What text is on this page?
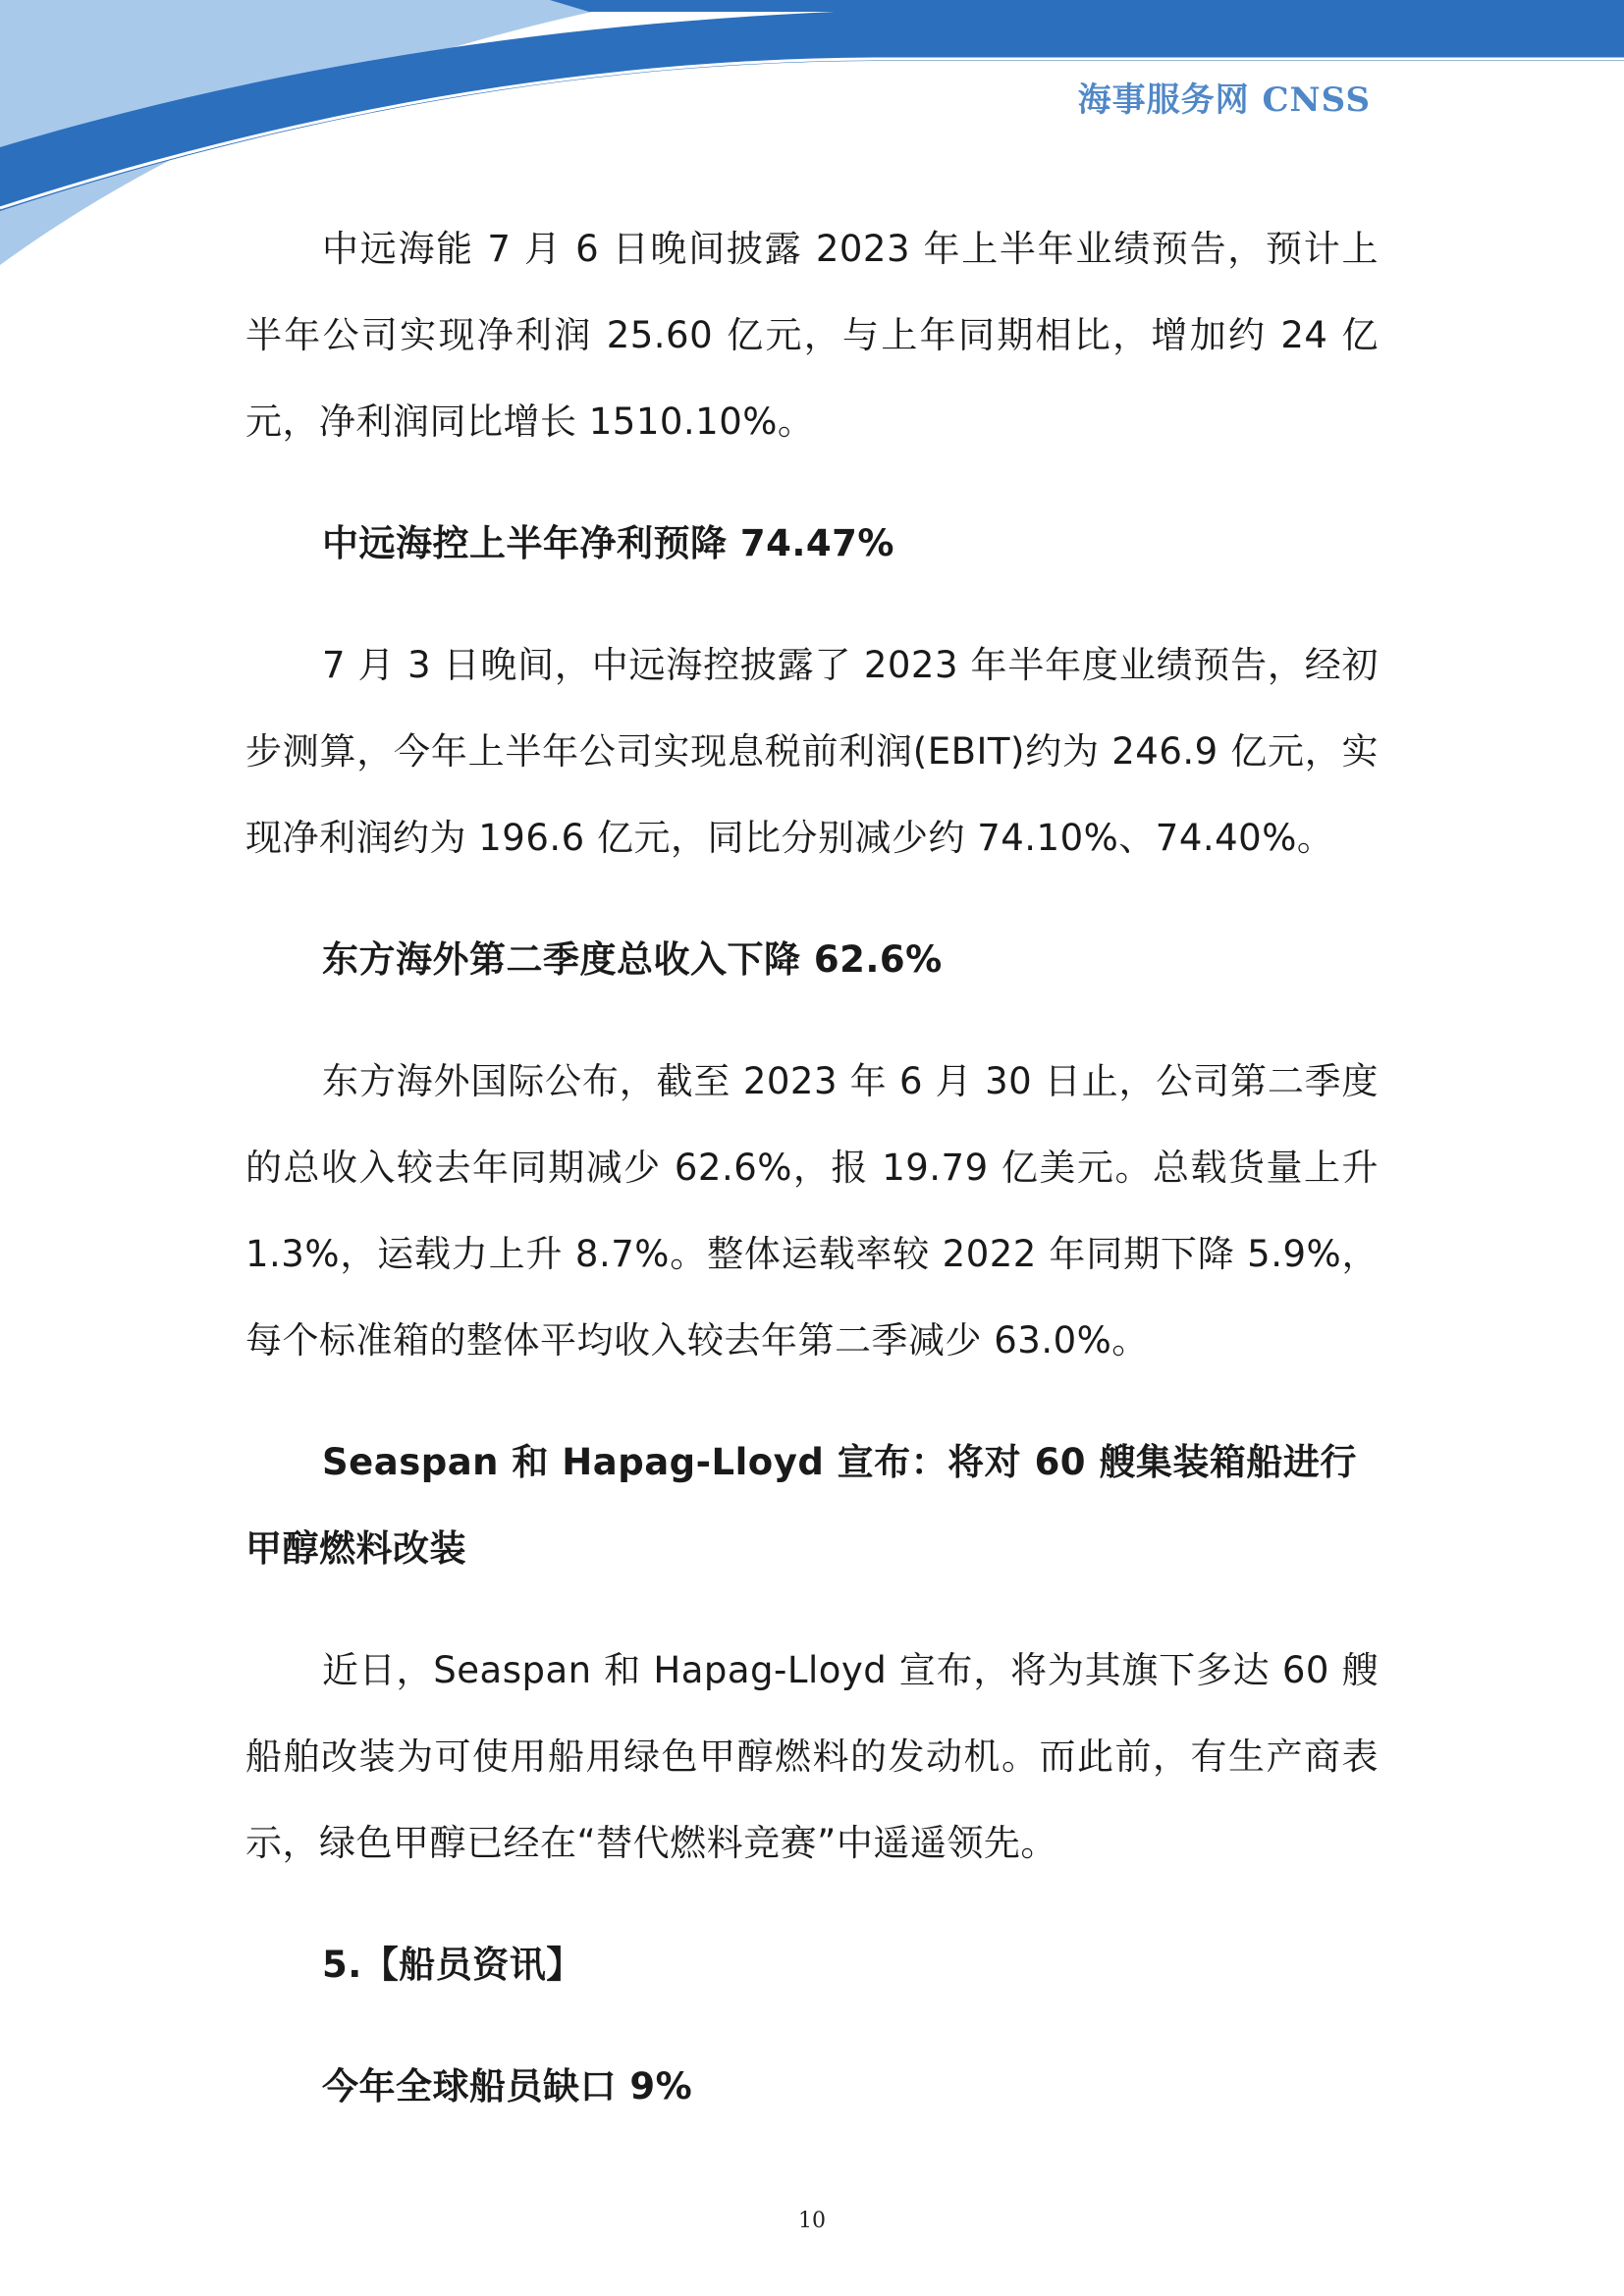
海事服务网 CNSS

中远海能 7 月 6 日晚间披露 2023 年上半年业绩预告，预计上半年公司实现净利润 25.60 亿元，与上年同期相比，增加约 24 亿元，净利润同比增长 1510.10%。

中远海控上半年净利预降 74.47%

7 月 3 日晚间，中远海控披露了 2023 年半年度业绩预告，经初步测算，今年上半年公司实现息税前利润(EBIT)约为 246.9 亿元，实现净利润约为 196.6 亿元，同比分别减少约 74.10%、74.40%。

东方海外第二季度总收入下降 62.6%

东方海外国际公布，截至 2023 年 6 月 30 日止，公司第二季度的总收入较去年同期减少 62.6%，报 19.79 亿美元。总载货量上升 1.3%，运载力上升 8.7%。整体运载率较 2022 年同期下降 5.9%，每个标准箱的整体平均收入较去年第二季减少 63.0%。

Seaspan 和 Hapag-Lloyd 宣布：将对 60 艘集装箱船进行甲醇燃料改装

近日，Seaspan 和 Hapag-Lloyd 宣布，将为其旗下多达 60 艘船舶改装为可使用船用绿色甲醇燃料的发动机。而此前，有生产商表示，绿色甲醇已经在“替代燃料竞赛”中遥遥领先。

5.【船员资讯】

今年全球船员缺口 9%

10
